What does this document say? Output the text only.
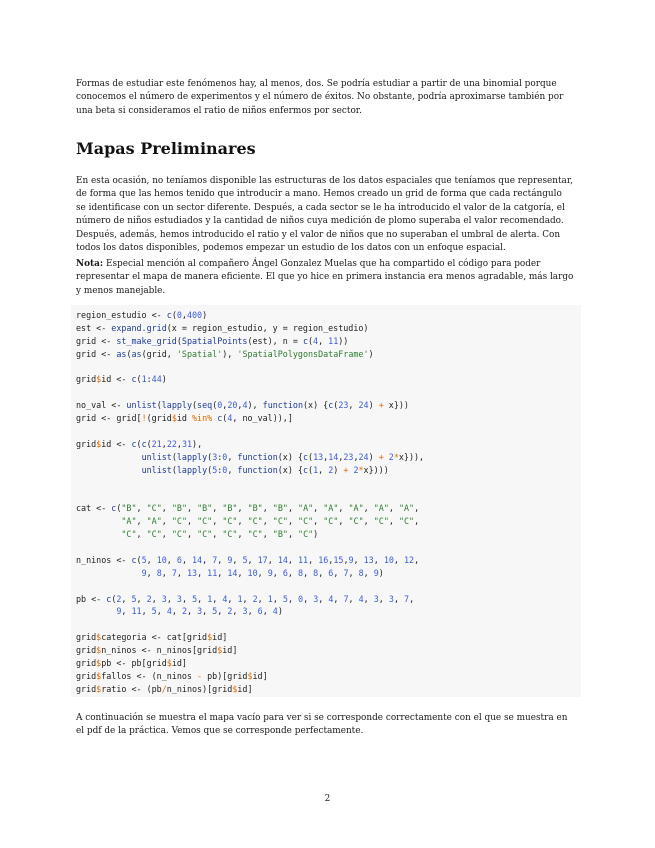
Formas de estudiar este fenómenos hay, al menos, dos. Se podría estudiar a partir de una binomial porque
conocemos el número de experimentos y el número de éxitos. No obstante, podría aproximarse también por
una beta si consideramos el ratio de niños enfermos por sector.

Mapas Preliminares

En esta ocasión, no teníamos disponible las estructuras de los datos espaciales que teníamos que representar,
de forma que las hemos tenido que introducir a mano. Hemos creado un grid de forma que cada rectángulo
se identificase con un sector diferente. Después, a cada sector se le ha introducido el valor de la catgoría, el
número de niños estudiados y la cantidad de niños cuya medición de plomo superaba el valor recomendado.
Después, además, hemos introducido el ratio y el valor de niños que no superaban el umbral de alerta. Con
todos los datos disponibles, podemos empezar un estudio de los datos con un enfoque espacial.

Nota: Especial mención al compañero Ángel Gonzalez Muelas que ha compartido el código para poder
representar el mapa de manera eficiente. El que yo hice en primera instancia era menos agradable, más largo
y menos manejable.

region_estudio <- c(0,400)
est <- expand.grid(x = region_estudio, y = region_estudio)
grid <- st_make_grid(SpatialPoints(est), n = c(4, 11))
grid <- as(as(grid, 'Spatial'), 'SpatialPolygonsDataFrame')
grid$id <- c(1:44)
no_val <- unlist(lapply(seq(0,20,4), function(x) {c(23, 24) + x}))
grid <- grid[!(grid$id %in% c(4, no_val)),]
grid$id <- c(c(21,22,31),
unlist(lapply(3:0, function(x) {c(13,14,23,24) + 2*x})),
unlist(lapply(5:0, function(x) {c(1, 2) + 2*x})))
cat <- c("B", "C", "B", "B", "B", "B", "B", "A", "A", "A", "A", "A",
"A", "A", "C", "C", "C", "C", "C", "C", "C", "C", "C", "C",
"C", "C", "C", "C", "C", "C", "B", "C")
n_ninos <- c(5, 10, 6, 14, 7, 9, 5, 17, 14, 11, 16,15,9, 13, 10, 12,
9, 8, 7, 13, 11, 14, 10, 9, 6, 8, 8, 6, 7, 8, 9)
pb <- c(2, 5, 2, 3, 3, 5, 1, 4, 1, 2, 1, 5, 0, 3, 4, 7, 4, 3, 3, 7,
9, 11, 5, 4, 2, 3, 5, 2, 3, 6, 4)
grid$categoria <- cat[grid$id]
grid$n_ninos <- n_ninos[grid$id]
grid$pb <- pb[grid$id]
grid$fallos <- (n_ninos - pb)[grid$id]
grid$ratio <- (pb/n_ninos)[grid$id]

A continuación se muestra el mapa vacío para ver si se corresponde correctamente con el que se muestra en
el pdf de la práctica. Vemos que se corresponde perfectamente.

2
